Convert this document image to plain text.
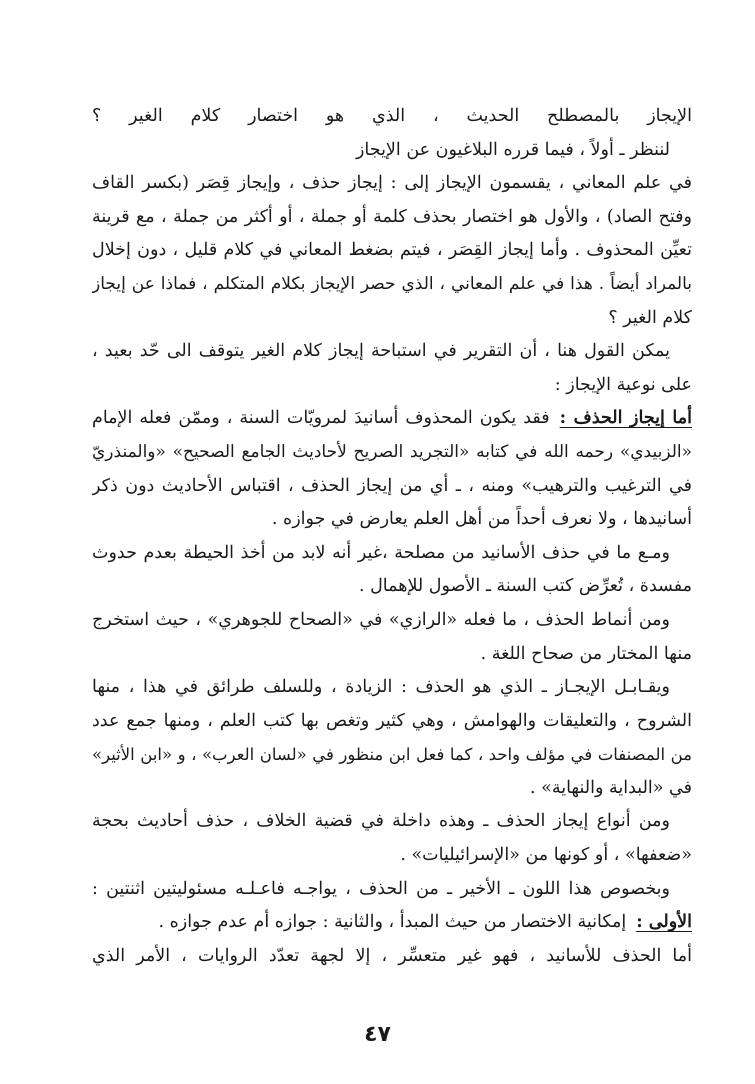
الإيجاز بالمصطلح الحديث ، الذي هو اختصار كلام الغير ؟
لننظر ـ أولاً ، فيما قرره البلاغيون عن الإيجاز
في علم المعاني ، يقسمون الإيجاز إلى : إيجاز حذف ، وإيجاز قِصَر (بكسر القاف
وفتح الصاد) ، والأول هو اختصار بحذف كلمة أو جملة ، أو أكثر من جملة ، مع قرينة
تعيِّن المحذوف . وأما إيجاز القِصَر ، فيتم بضغط المعاني في كلام قليل ، دون إخلال
بالمراد أيضاً . هذا في علم المعاني ، الذي حصر الإيجاز بكلام المتكلم ، فماذا عن إيجاز
كلام الغير ؟
يمكن القول هنا ، أن التقرير في استباحة إيجاز كلام الغير يتوقف الى حّد بعيد ،
على نوعية الإيجاز :
أما إيجاز الحذف :فقد يكون المحذوف أسانيدَ لمرويّات السنة ، وممّن فعله الإمام
«الزبيدي» رحمه الله في كتابه «التجريد الصريح لأحاديث الجامع الصحيح» «والمنذريّ
في الترغيب والترهيب» ومنه ، ـ أي من إيجاز الحذف ، اقتباس الأحاديث دون ذكر
أسانيدها ، ولا نعرف أحداً من أهل العلم يعارض في جوازه .
ومـع ما في حذف الأسانيد من مصلحة ،غير أنه لابد من أخذ الحيطة بعدم حدوث
مفسدة ، تُعرِّض كتب السنة ـ الأصول للإهمال .
ومن أنماط الحذف ، ما فعله «الرازي» في «الصحاح للجوهري» ، حيث استخرج
منها المختار من صحاح اللغة .
ويقـابـل الإيجـاز ـ الذي هو الحذف : الزيادة ، وللسلف طرائق في هذا ، منها
الشروح ، والتعليقات والهوامش ، وهي كثير وتغص بها كتب العلم ، ومنها جمع عدد
من المصنفات في مؤلف واحد ، كما فعل ابن منظور في «لسان العرب» ، و «ابن الأثير»
في «البداية والنهاية» .
ومن أنواع إيجاز الحذف ـ وهذه داخلة في قضية الخلاف ، حذف أحاديث بحجة
«ضعفها» ، أو كونها من «الإسرائيليات» .
وبخصوص هذا اللون ـ الأخير ـ من الحذف ، يواجـه فاعـلـه مسئوليتين اثنتين :
الأولى :إمكانية الاختصار من حيث المبدأ ، والثانية : جوازه أم عدم جوازه .
أما الحذف للأسانيد ، فهو غير متعسِّر ، إلا لجهة تعدّد الروايات ، الأمر الذي
٤٧
